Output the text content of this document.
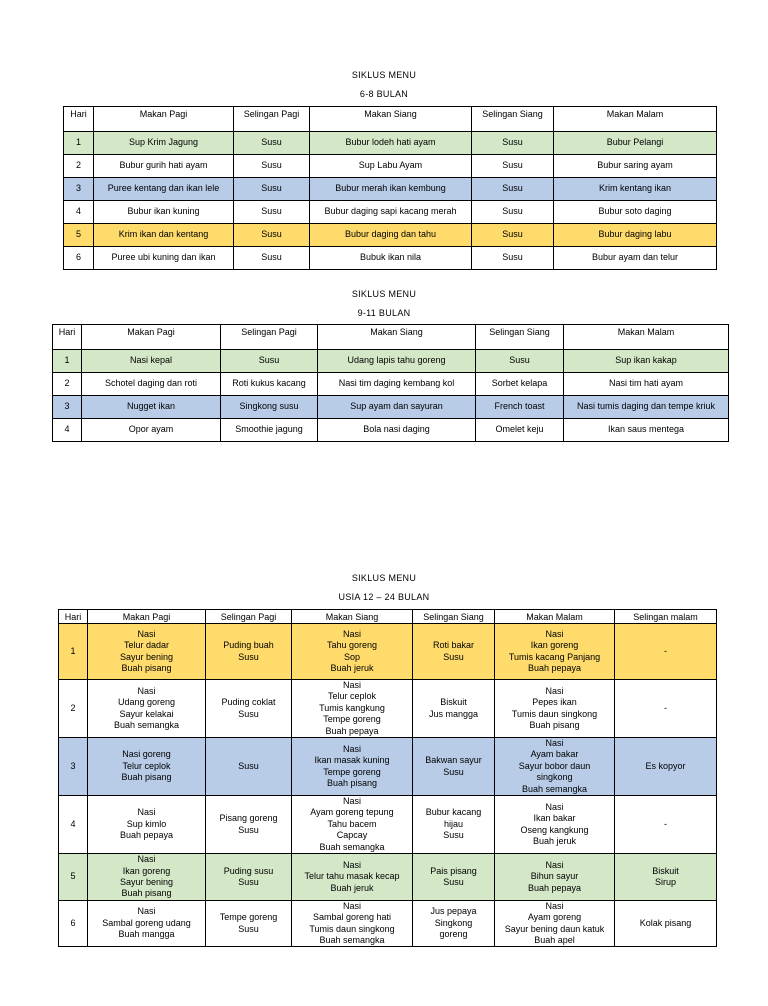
SIKLUS MENU
6-8 BULAN
Hari	Makan Pagi	Selingan Pagi	Makan Siang	Selingan Siang	Makan Malam
1	Sup Krim Jagung	Susu	Bubur lodeh hati ayam	Susu	Bubur Pelangi
2	Bubur gurih hati ayam	Susu	Sup Labu Ayam	Susu	Bubur saring ayam
3	Puree kentang dan ikan lele	Susu	Bubur merah ikan kembung	Susu	Krim kentang ikan
4	Bubur ikan kuning	Susu	Bubur daging sapi kacang merah	Susu	Bubur soto daging
5	Krim ikan dan kentang	Susu	Bubur daging dan tahu	Susu	Bubur daging labu
6	Puree ubi kuning dan ikan	Susu	Bubuk ikan nila	Susu	Bubur ayam dan telur
SIKLUS MENU
9-11 BULAN
Hari	Makan Pagi	Selingan Pagi	Makan Siang	Selingan Siang	Makan Malam
1	Nasi kepal	Susu	Udang lapis tahu goreng	Susu	Sup ikan kakap
2	Schotel daging dan roti	Roti kukus kacang	Nasi tim daging kembang kol	Sorbet kelapa	Nasi tim hati ayam
3	Nugget ikan	Singkong susu	Sup ayam dan sayuran	French toast	Nasi tumis daging dan tempe kriuk
4	Opor ayam	Smoothie jagung	Bola nasi daging	Omelet keju	Ikan saus mentega
SIKLUS MENU
USIA 12 – 24 BULAN
Hari	Makan Pagi	Selingan Pagi	Makan Siang	Selingan Siang	Makan Malam	Selingan malam
1	Nasi
Telur dadar
Sayur bening
Buah pisang	Puding buah
Susu	Nasi
Tahu goreng
Sop
Buah jeruk	Roti bakar
Susu	Nasi
Ikan goreng
Tumis kacang Panjang
Buah pepaya	-
2	Nasi
Udang goreng
Sayur kelakai
Buah semangka	Puding coklat
Susu	Nasi
Telur ceplok
Tumis kangkung
Tempe goreng
Buah pepaya	Biskuit
Jus mangga	Nasi
Pepes ikan
Tumis daun singkong
Buah pisang	-
3	Nasi goreng
Telur ceplok
Buah pisang	Susu	Nasi
Ikan masak kuning
Tempe goreng
Buah pisang	Bakwan sayur
Susu	Nasi
Ayam bakar
Sayur bobor daun
singkong
Buah semangka	Es kopyor
4	Nasi
Sup kimlo
Buah pepaya	Pisang goreng
Susu	Nasi
Ayam goreng tepung
Tahu bacem
Capcay
Buah semangka	Bubur kacang
hijau
Susu	Nasi
Ikan bakar
Oseng kangkung
Buah jeruk	-
5	Nasi
Ikan goreng
Sayur bening
Buah pisang	Puding susu
Susu	Nasi
Telur tahu masak kecap
Buah jeruk	Pais pisang
Susu	Nasi
Bihun sayur
Buah pepaya	Biskuit
Sirup
6	Nasi
Sambal goreng udang
Buah mangga	Tempe goreng
Susu	Nasi
Sambal goreng hati
Tumis daun singkong
Buah semangka	Jus pepaya
Singkong
goreng	Nasi
Ayam goreng
Sayur bening daun katuk
Buah apel	Kolak pisang
